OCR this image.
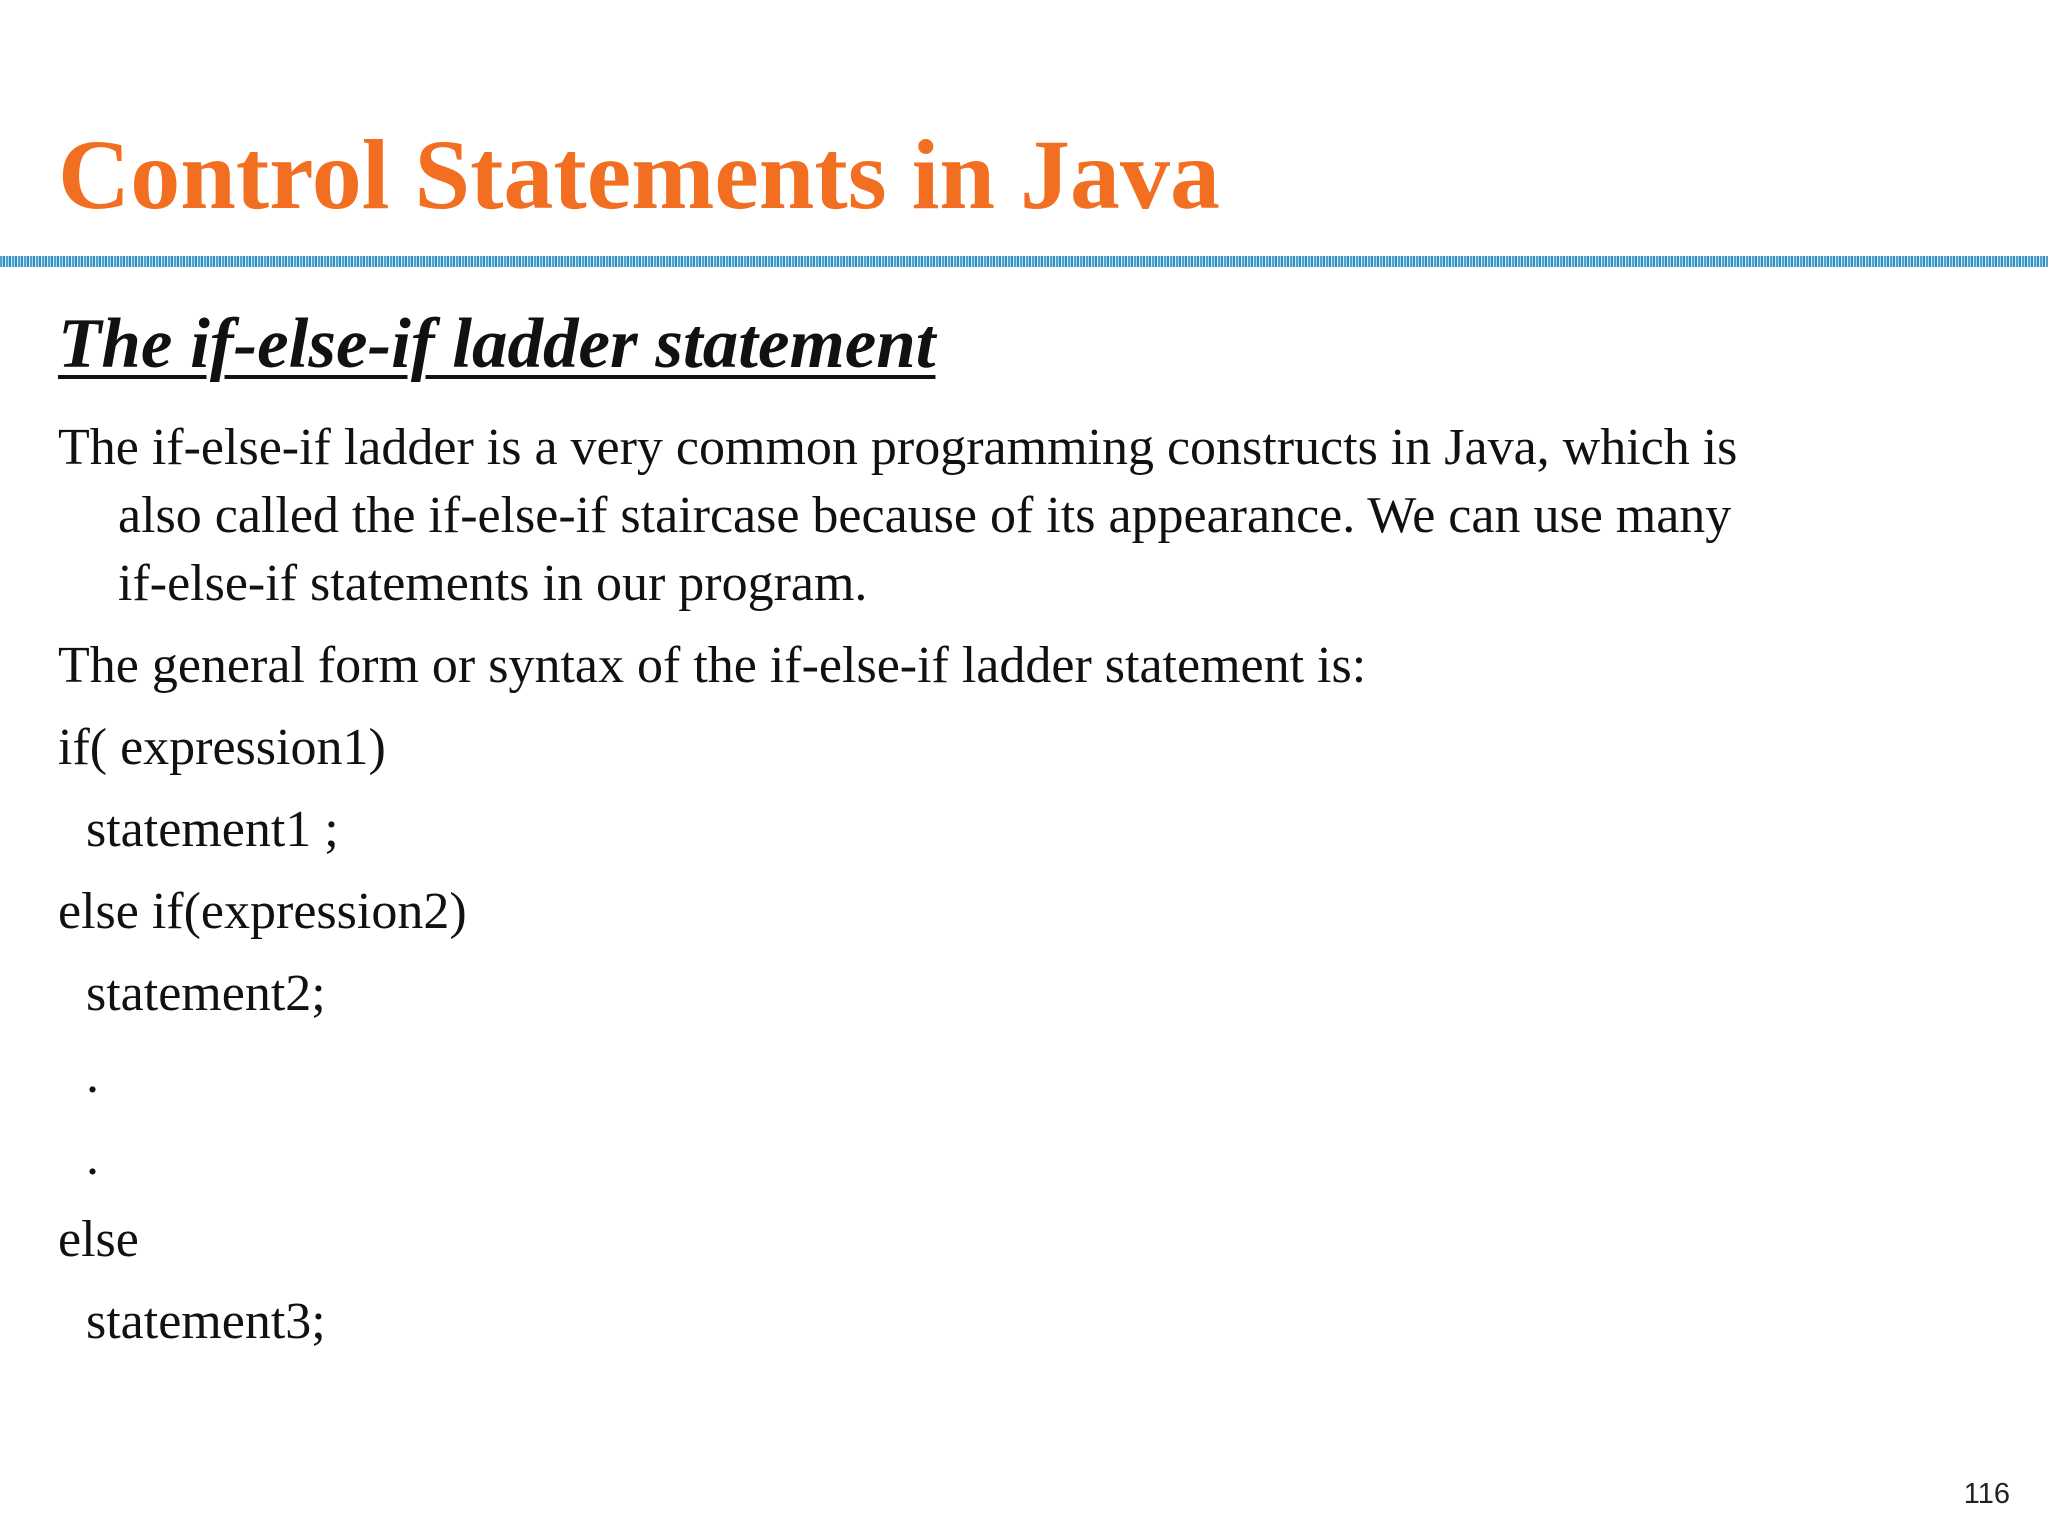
Control Statements in Java
The if-else-if ladder statement

The if-else-if ladder is a very common programming constructs in Java, which is
also called the if-else-if staircase because of its appearance. We can use many
if-else-if statements in our program.

The general form or syntax of the if-else-if ladder statement is:

if( expression1)

statement1 ;

else if(expression2)

statement2;

.

.

else

statement3;

116
